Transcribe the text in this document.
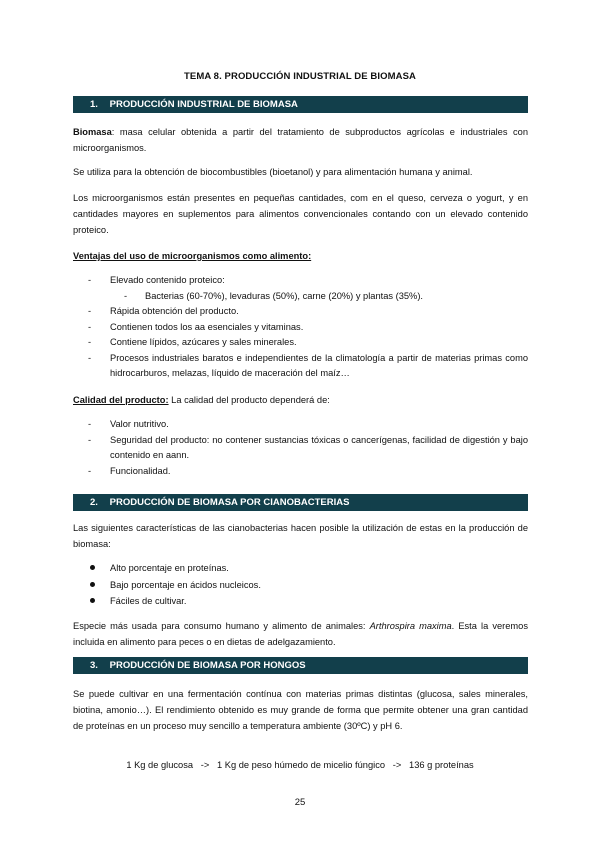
TEMA 8. PRODUCCIÓN INDUSTRIAL DE BIOMASA
1. PRODUCCIÓN INDUSTRIAL DE BIOMASA

Biomasa: masa celular obtenida a partir del tratamiento de subproductos agrícolas e industriales con microorganismos.

Se utiliza para la obtención de biocombustibles (bioetanol) y para alimentación humana y animal.

Los microorganismos están presentes en pequeñas cantidades, com en el queso, cerveza o yogurt, y en cantidades mayores en suplementos para alimentos convencionales contando con un elevado contenido proteico.

Ventajas del uso de microorganismos como alimento:

- Elevado contenido proteico:
- Bacterias (60-70%), levaduras (50%), carne (20%) y plantas (35%).
- Rápida obtención del producto.
- Contienen todos los aa esenciales y vitaminas.
- Contiene lípidos, azúcares y sales minerales.
- Procesos industriales baratos e independientes de la climatología a partir de materias primas como hidrocarburos, melazas, líquido de maceración del maíz…

Calidad del producto: La calidad del producto dependerá de:

- Valor nutritivo.
- Seguridad del producto: no contener sustancias tóxicas o cancerígenas, facilidad de digestión y bajo contenido en aann.
- Funcionalidad.
2. PRODUCCIÓN DE BIOMASA POR CIANOBACTERIAS

Las siguientes características de las cianobacterias hacen posible la utilización de estas en la producción de biomasa:

Alto porcentaje en proteínas.
Bajo porcentaje en ácidos nucleicos.
Fáciles de cultivar.

Especie más usada para consumo humano y alimento de animales: Arthrospira maxima. Esta la veremos incluida en alimento para peces o en dietas de adelgazamiento.

3. PRODUCCIÓN DE BIOMASA POR HONGOS

Se puede cultivar en una fermentación contínua con materias primas distintas (glucosa, sales minerales, biotina, amonio…). El rendimiento obtenido es muy grande de forma que permite obtener una gran cantidad de proteínas en un proceso muy sencillo a temperatura ambiente (30ºC) y pH 6.

1 Kg de glucosa   ->   1 Kg de peso húmedo de micelio fúngico   ->   136 g proteínas
25
